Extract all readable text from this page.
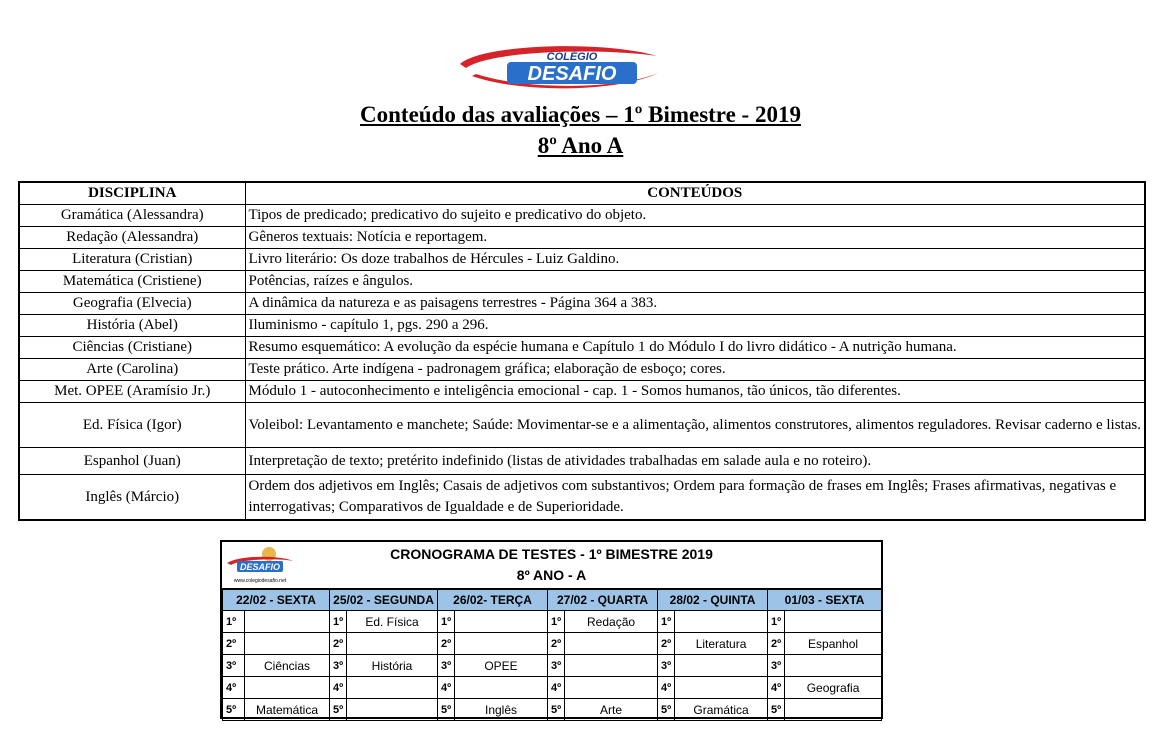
COLÉGIO
DESAFIO
Conteúdo das avaliações – 1º Bimestre - 2019
8º Ano A
DISCIPLINA	CONTEÚDOS
Gramática (Alessandra)	Tipos de predicado; predicativo do sujeito e predicativo do objeto.
Redação (Alessandra)	Gêneros textuais: Notícia e reportagem.
Literatura (Cristian)	Livro literário: Os doze trabalhos de Hércules - Luiz Galdino.
Matemática (Cristiene)	Potências, raízes e ângulos.
Geografia (Elvecia)	A dinâmica da natureza e as paisagens terrestres - Página 364 a 383.
História (Abel)	Iluminismo - capítulo 1, pgs. 290 a 296.
Ciências (Cristiane)	Resumo esquemático: A evolução da espécie humana e Capítulo 1 do Módulo I do livro didático - A nutrição humana.
Arte (Carolina)	Teste prático. Arte indígena - padronagem gráfica; elaboração de esboço; cores.
Met. OPEE (Aramísio Jr.)	Módulo 1 - autoconhecimento e inteligência emocional - cap. 1 - Somos humanos, tão únicos, tão diferentes.
Ed. Física (Igor)	Voleibol: Levantamento e manchete; Saúde: Movimentar-se e a alimentação, alimentos construtores, alimentos reguladores. Revisar caderno e listas.
Espanhol (Juan)	Interpretação de texto; pretérito indefinido (listas de atividades trabalhadas em salade aula e no roteiro).
Inglês (Márcio)	Ordem dos adjetivos em Inglês; Casais de adjetivos com substantivos; Ordem para formação de frases em Inglês; Frases afirmativas, negativas e interrogativas; Comparativos de Igualdade e de Superioridade.
DESAFIO
www.colegiodesafio.net
CRONOGRAMA DE TESTES - 1º BIMESTRE 2019
8º ANO - A
22/02 - SEXTA		25/02 - SEGUNDA		26/02- TERÇA		27/02 - QUARTA		28/02 - QUINTA		01/03 - SEXTA	
1º		1º	Ed. Física	1º		1º	Redação	1º		1º	
2º		2º		2º		2º		2º	Literatura	2º	Espanhol
3º	Ciências	3º	História	3º	OPEE	3º		3º		3º	
4º		4º		4º		4º		4º		4º	Geografia
5º	Matemática	5º		5º	Inglês	5º	Arte	5º	Gramática	5º	
